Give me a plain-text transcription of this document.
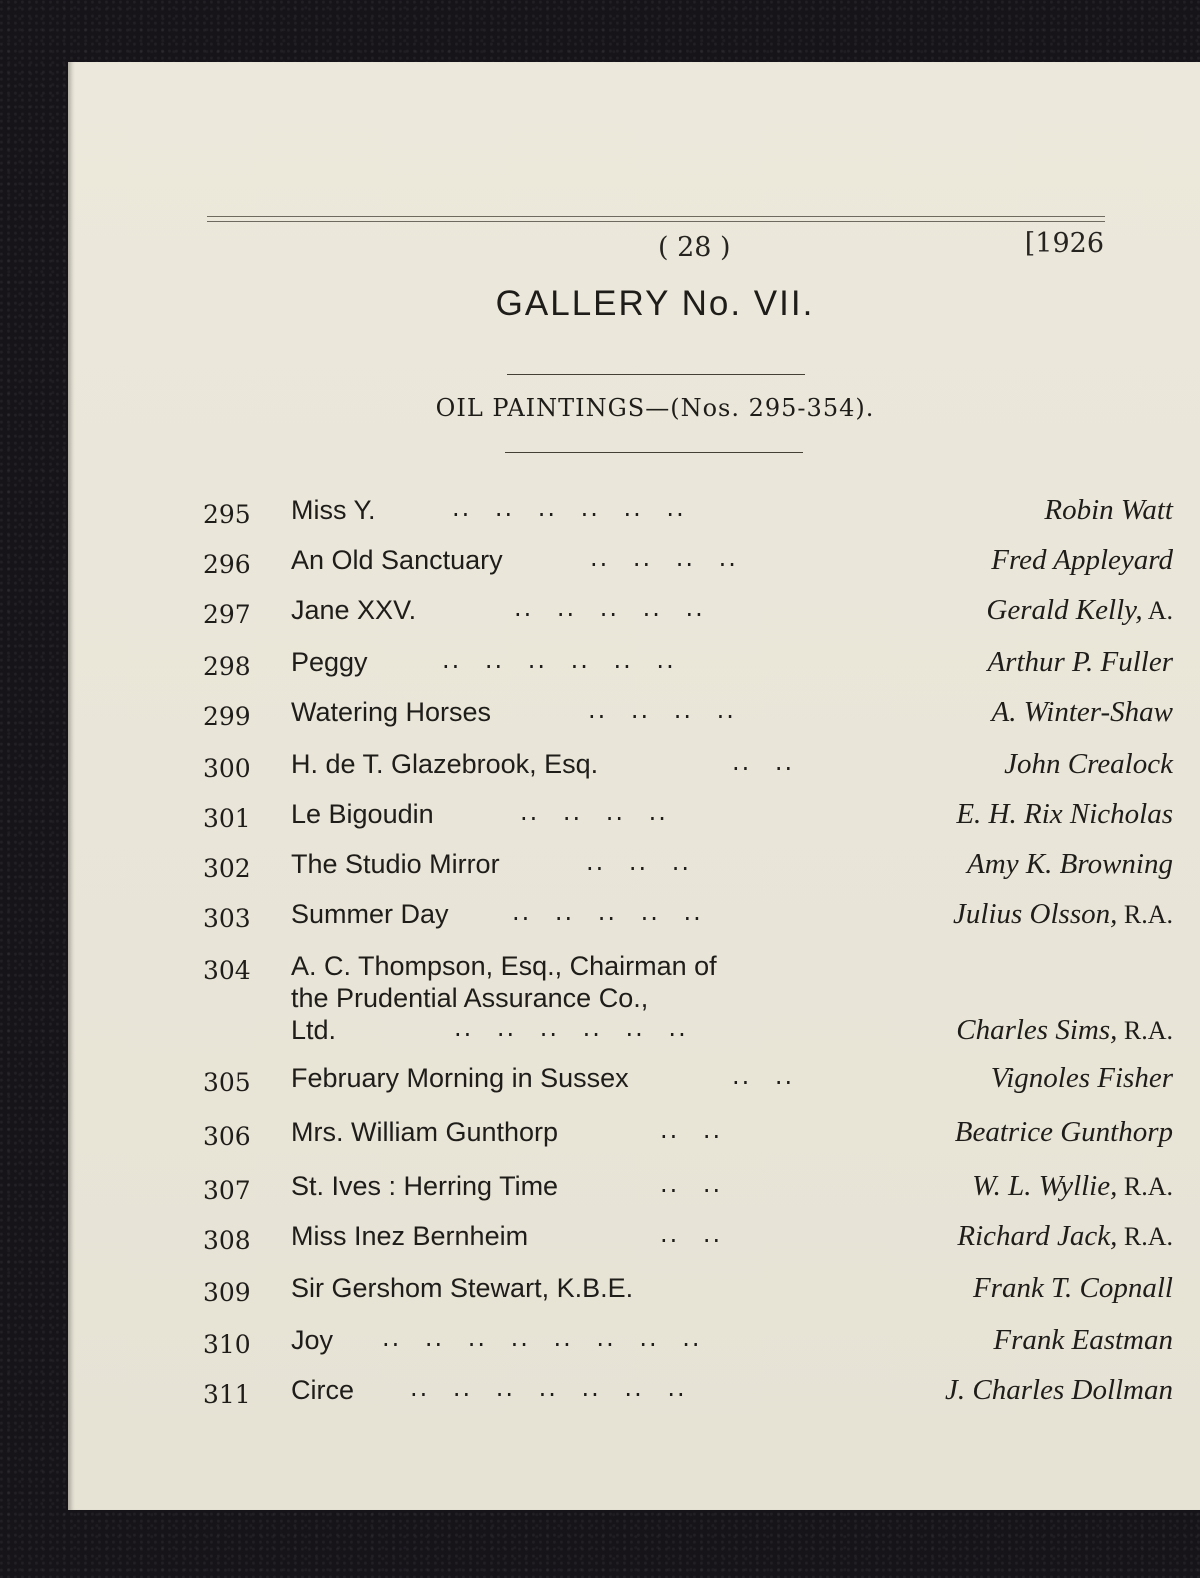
( 28 )	[1926
GALLERY No. VII.
OIL PAINTINGS—(Nos. 295-354).
295 Miss Y.	.. .. .. .. .. ..	Robin Watt
296 An Old Sanctuary	.. .. .. ..	Fred Appleyard
297 Jane XXV.	.. .. .. .. ..	Gerald Kelly, A.
298 Peggy	.. .. .. .. .. ..	Arthur P. Fuller
299 Watering Horses	.. .. .. ..	A. Winter-Shaw
300 H. de T. Glazebrook, Esq.	.. ..	John Crealock
301 Le Bigoudin	.. .. .. ..	E. H. Rix Nicholas
302 The Studio Mirror	.. .. ..	Amy K. Browning
303 Summer Day	.. .. .. .. ..	Julius Olsson, R.A.
304 A. C. Thompson, Esq., Chairman of
the Prudential Assurance Co.,
Ltd.	.. .. .. .. .. ..	Charles Sims, R.A.
305 February Morning in Sussex	.. ..	Vignoles Fisher
306 Mrs. William Gunthorp	.. ..	Beatrice Gunthorp
307 St. Ives : Herring Time	.. ..	W. L. Wyllie, R.A.
308 Miss Inez Bernheim	.. ..	Richard Jack, R.A.
309 Sir Gershom Stewart, K.B.E.	Frank T. Copnall
310 Joy .. .. .. .. .. .. .. ..	Frank Eastman
311 Circe .. .. .. .. .. .. ..	J. Charles Dollman
